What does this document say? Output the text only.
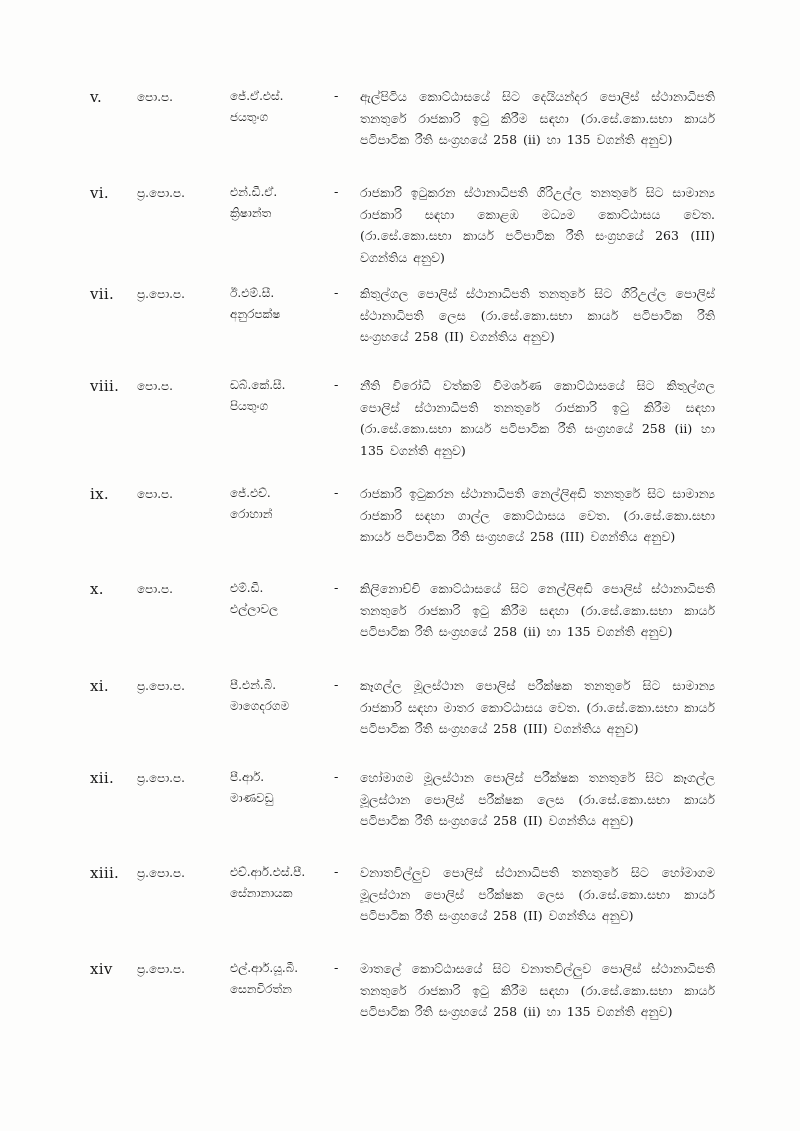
v.	පො.ප.	ජේ.ඒ.එස්.
ජයතුංග
-	ඇල්පිටිය කොට්ඨාසයේ සිට දෙයියන්දර පොලිස් ස්ථානාධිපති තනතුරේ රාජකාරි ඉටු කිරීම සඳහා (රා.සේ.කො.සභා කාර්ය පටිපාටික රීති සංග්‍රහයේ 258 (ii) හා 135 වගන්ති අනුව)
vi.	ප්‍ර.පො.ප.	එන්.ඩී.ඒ.
ක්‍රිෂාන්ත
-	රාජකාරි ඉටුකරන ස්ථානාධිපති ගිරිඋල්ල තනතුරේ සිට සාමාන්‍ය රාජකාරි සඳහා කොළඹ මධ්‍යම කොට්ඨාසය වෙත. (රා.සේ.කො.සභා කාර්ය පටිපාටික රීති සංග්‍රහයේ 263 (III) වගන්තිය අනුව)
vii.	ප්‍ර.පො.ප.	ඊ.එම්.සී.
අනුරපක්ෂ
-	කිතුල්ගල පොලිස් ස්ථානාධිපති තනතුරේ සිට ගිරිඋල්ල පොලිස් ස්ථානාධිපති ලෙස (රා.සේ.කො.සභා කාර්ය පටිපාටික රීති සංග්‍රහයේ 258 (II) වගන්තිය අනුව)
viii.	පො.ප.	ඩබ්.කේ.සී.
පියතුංග
-	නීති විරෝධී වත්කම් විමර්ශණ කොට්ඨාසයේ සිට කිතුල්ගල පොලිස් ස්ථානාධිපති තනතුරේ රාජකාරි ඉටු කිරීම සඳහා (රා.සේ.කො.සභා කාර්ය පටිපාටික රීති සංග්‍රහයේ 258 (ii) හා 135 වගන්ති අනුව)
ix.	පො.ප.	ජේ.එච්.
රොහාන්
-	රාජකාරි ඉටුකරන ස්ථානාධිපති නෙල්ලිඅඩි තනතුරේ සිට සාමාන්‍ය රාජකාරි සඳහා ගාල්ල කොට්ඨාසය වෙත. (රා.සේ.කො.සභා කාර්ය පටිපාටික රීති සංග්‍රහයේ 258 (III) වගන්තිය අනුව)
x.	පො.ප.	එම්.ඩී.
එල්ලාවල
-	කිලිනොච්චි කොට්ඨාසයේ සිට නෙල්ලිඅඩි පොලිස් ස්ථානාධිපති තනතුරේ රාජකාරි ඉටු කිරීම සඳහා (රා.සේ.කො.සභා කාර්ය පටිපාටික රීති සංග්‍රහයේ 258 (ii) හා 135 වගන්ති අනුව)
xi.	ප්‍ර.පො.ප.	පී.එන්.බී.
මාගෙදරගම
-	කෑගල්ල මූලස්ථාන පොලිස් පරීක්ෂක තනතුරේ සිට සාමාන්‍ය රාජකාරි සඳහා මාතර කොට්ඨාසය වෙත. (රා.සේ.කො.සභා කාර්ය පටිපාටික රීති සංග්‍රහයේ 258 (III) වගන්තිය අනුව)
xii.	ප්‍ර.පො.ප.	පී.ආර්.
මාණවඩු
-	හෝමාගම මූලස්ථාන පොලිස් පරීක්ෂක තනතුරේ සිට කෑගල්ල මූලස්ථාන පොලිස් පරීක්ෂක ලෙස (රා.සේ.කො.සභා කාර්ය පටිපාටික රීති සංග්‍රහයේ 258 (II) වගන්තිය අනුව)
xiii.	ප්‍ර.පො.ප.	එච්.ආර්.එස්.පී.
සේනානායක
-	වනාතවිල්ලුව පොලිස් ස්ථානාධිපති තනතුරේ සිට හෝමාගම මූලස්ථාන පොලිස් පරීක්ෂක ලෙස (රා.සේ.කො.සභා කාර්ය පටිපාටික රීති සංග්‍රහයේ 258 (II) වගන්තිය අනුව)
xiv	ප්‍ර.පො.ප.	එල්.ආර්.යූ.බී.
සෙනවිරත්න
-	මාතලේ කොට්ඨාසයේ සිට වනාතවිල්ලුව පොලිස් ස්ථානාධිපති තනතුරේ රාජකාරි ඉටු කිරීම සඳහා (රා.සේ.කො.සභා කාර්ය පටිපාටික රීති සංග්‍රහයේ 258 (ii) හා 135 වගන්ති අනුව)
